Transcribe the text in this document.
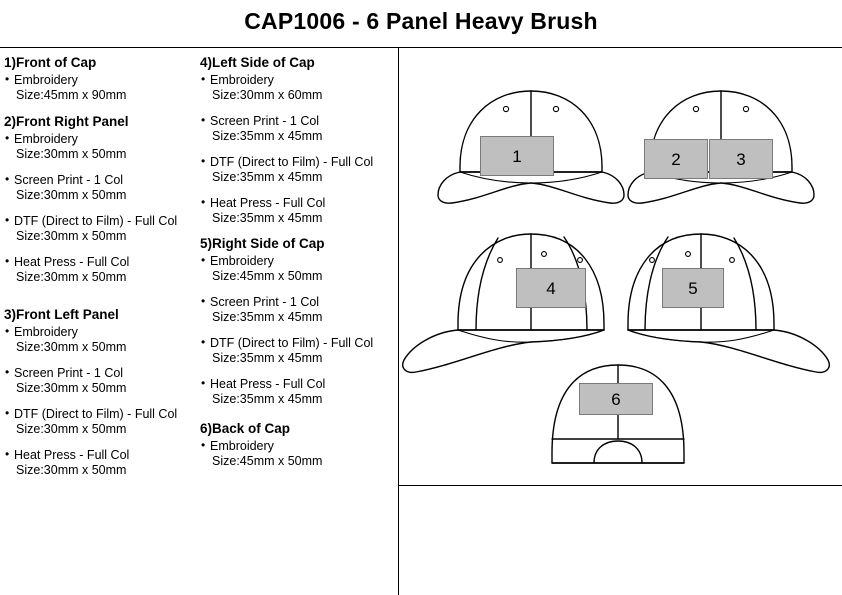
CAP1006 - 6 Panel Heavy Brush
1)Front of Cap
• Embroidery
Size:45mm x 90mm
2)Front Right Panel
• Embroidery
Size:30mm x 50mm
• Screen Print - 1 Col
Size:30mm x 50mm
• DTF (Direct to Film) - Full Col
Size:30mm x 50mm
• Heat Press - Full Col
Size:30mm x 50mm
3)Front Left Panel
• Embroidery
Size:30mm x 50mm
• Screen Print - 1 Col
Size:30mm x 50mm
• DTF (Direct to Film) - Full Col
Size:30mm x 50mm
• Heat Press - Full Col
Size:30mm x 50mm
4)Left Side of Cap
• Embroidery
Size:30mm x 60mm
• Screen Print - 1 Col
Size:35mm x 45mm
• DTF (Direct to Film) - Full Col
Size:35mm x 45mm
• Heat Press - Full Col
Size:35mm x 45mm
5)Right Side of Cap
• Embroidery
Size:45mm x 50mm
• Screen Print - 1 Col
Size:35mm x 45mm
• DTF (Direct to Film) - Full Col
Size:35mm x 45mm
• Heat Press - Full Col
Size:35mm x 45mm
6)Back of Cap
• Embroidery
Size:45mm x 50mm
1	2	3
4	5
6
